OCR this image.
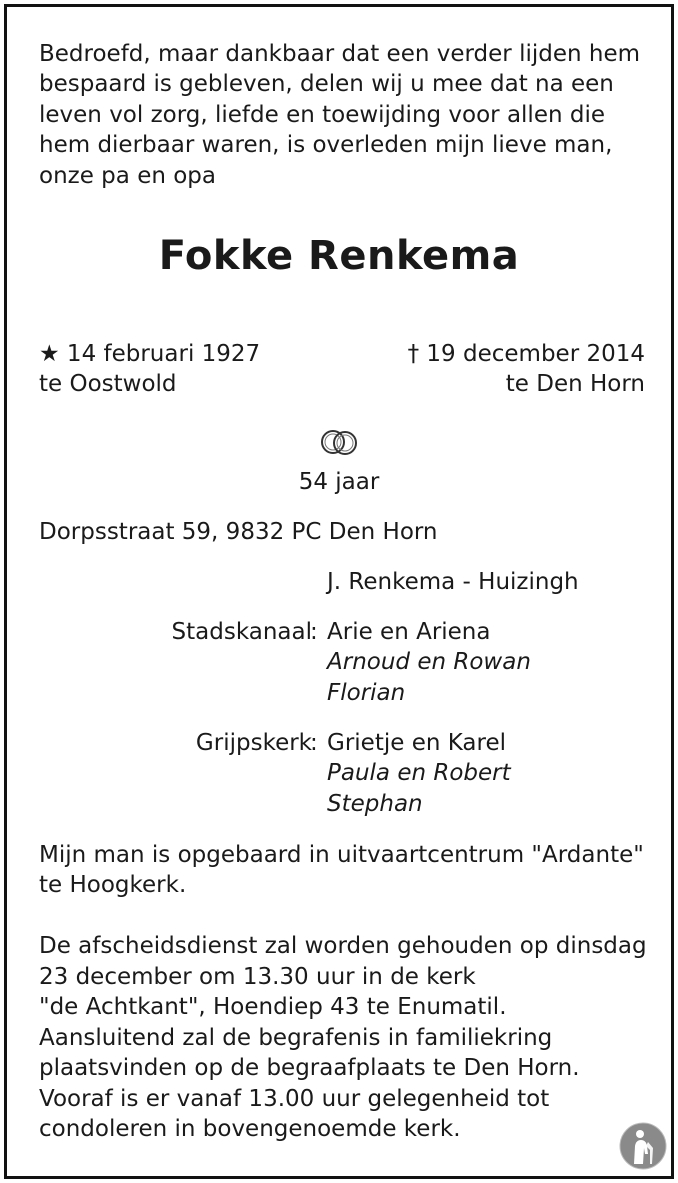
Bedroefd, maar dankbaar dat een verder lijden hem
bespaard is gebleven, delen wij u mee dat na een
leven vol zorg, liefde en toewijding voor allen die
hem dierbaar waren, is overleden mijn lieve man,
onze pa en opa
Fokke Renkema
★ 14 februari 1927
te Oostwold
† 19 december 2014
te Den Horn
54 jaar
Dorpsstraat 59, 9832 PC Den Horn
J. Renkema - Huizingh
Stadskanaal
: Arie en Ariena
Arnoud en Rowan
Florian
Grijpskerk
: Grietje en Karel
Paula en Robert
Stephan
Mijn man is opgebaard in uitvaartcentrum "Ardante"
te Hoogkerk.
De afscheidsdienst zal worden gehouden op dinsdag
23 december om 13.30 uur in de kerk
"de Achtkant", Hoendiep 43 te Enumatil.
Aansluitend zal de begrafenis in familiekring
plaatsvinden op de begraafplaats te Den Horn.
Vooraf is er vanaf 13.00 uur gelegenheid tot
condoleren in bovengenoemde kerk.
